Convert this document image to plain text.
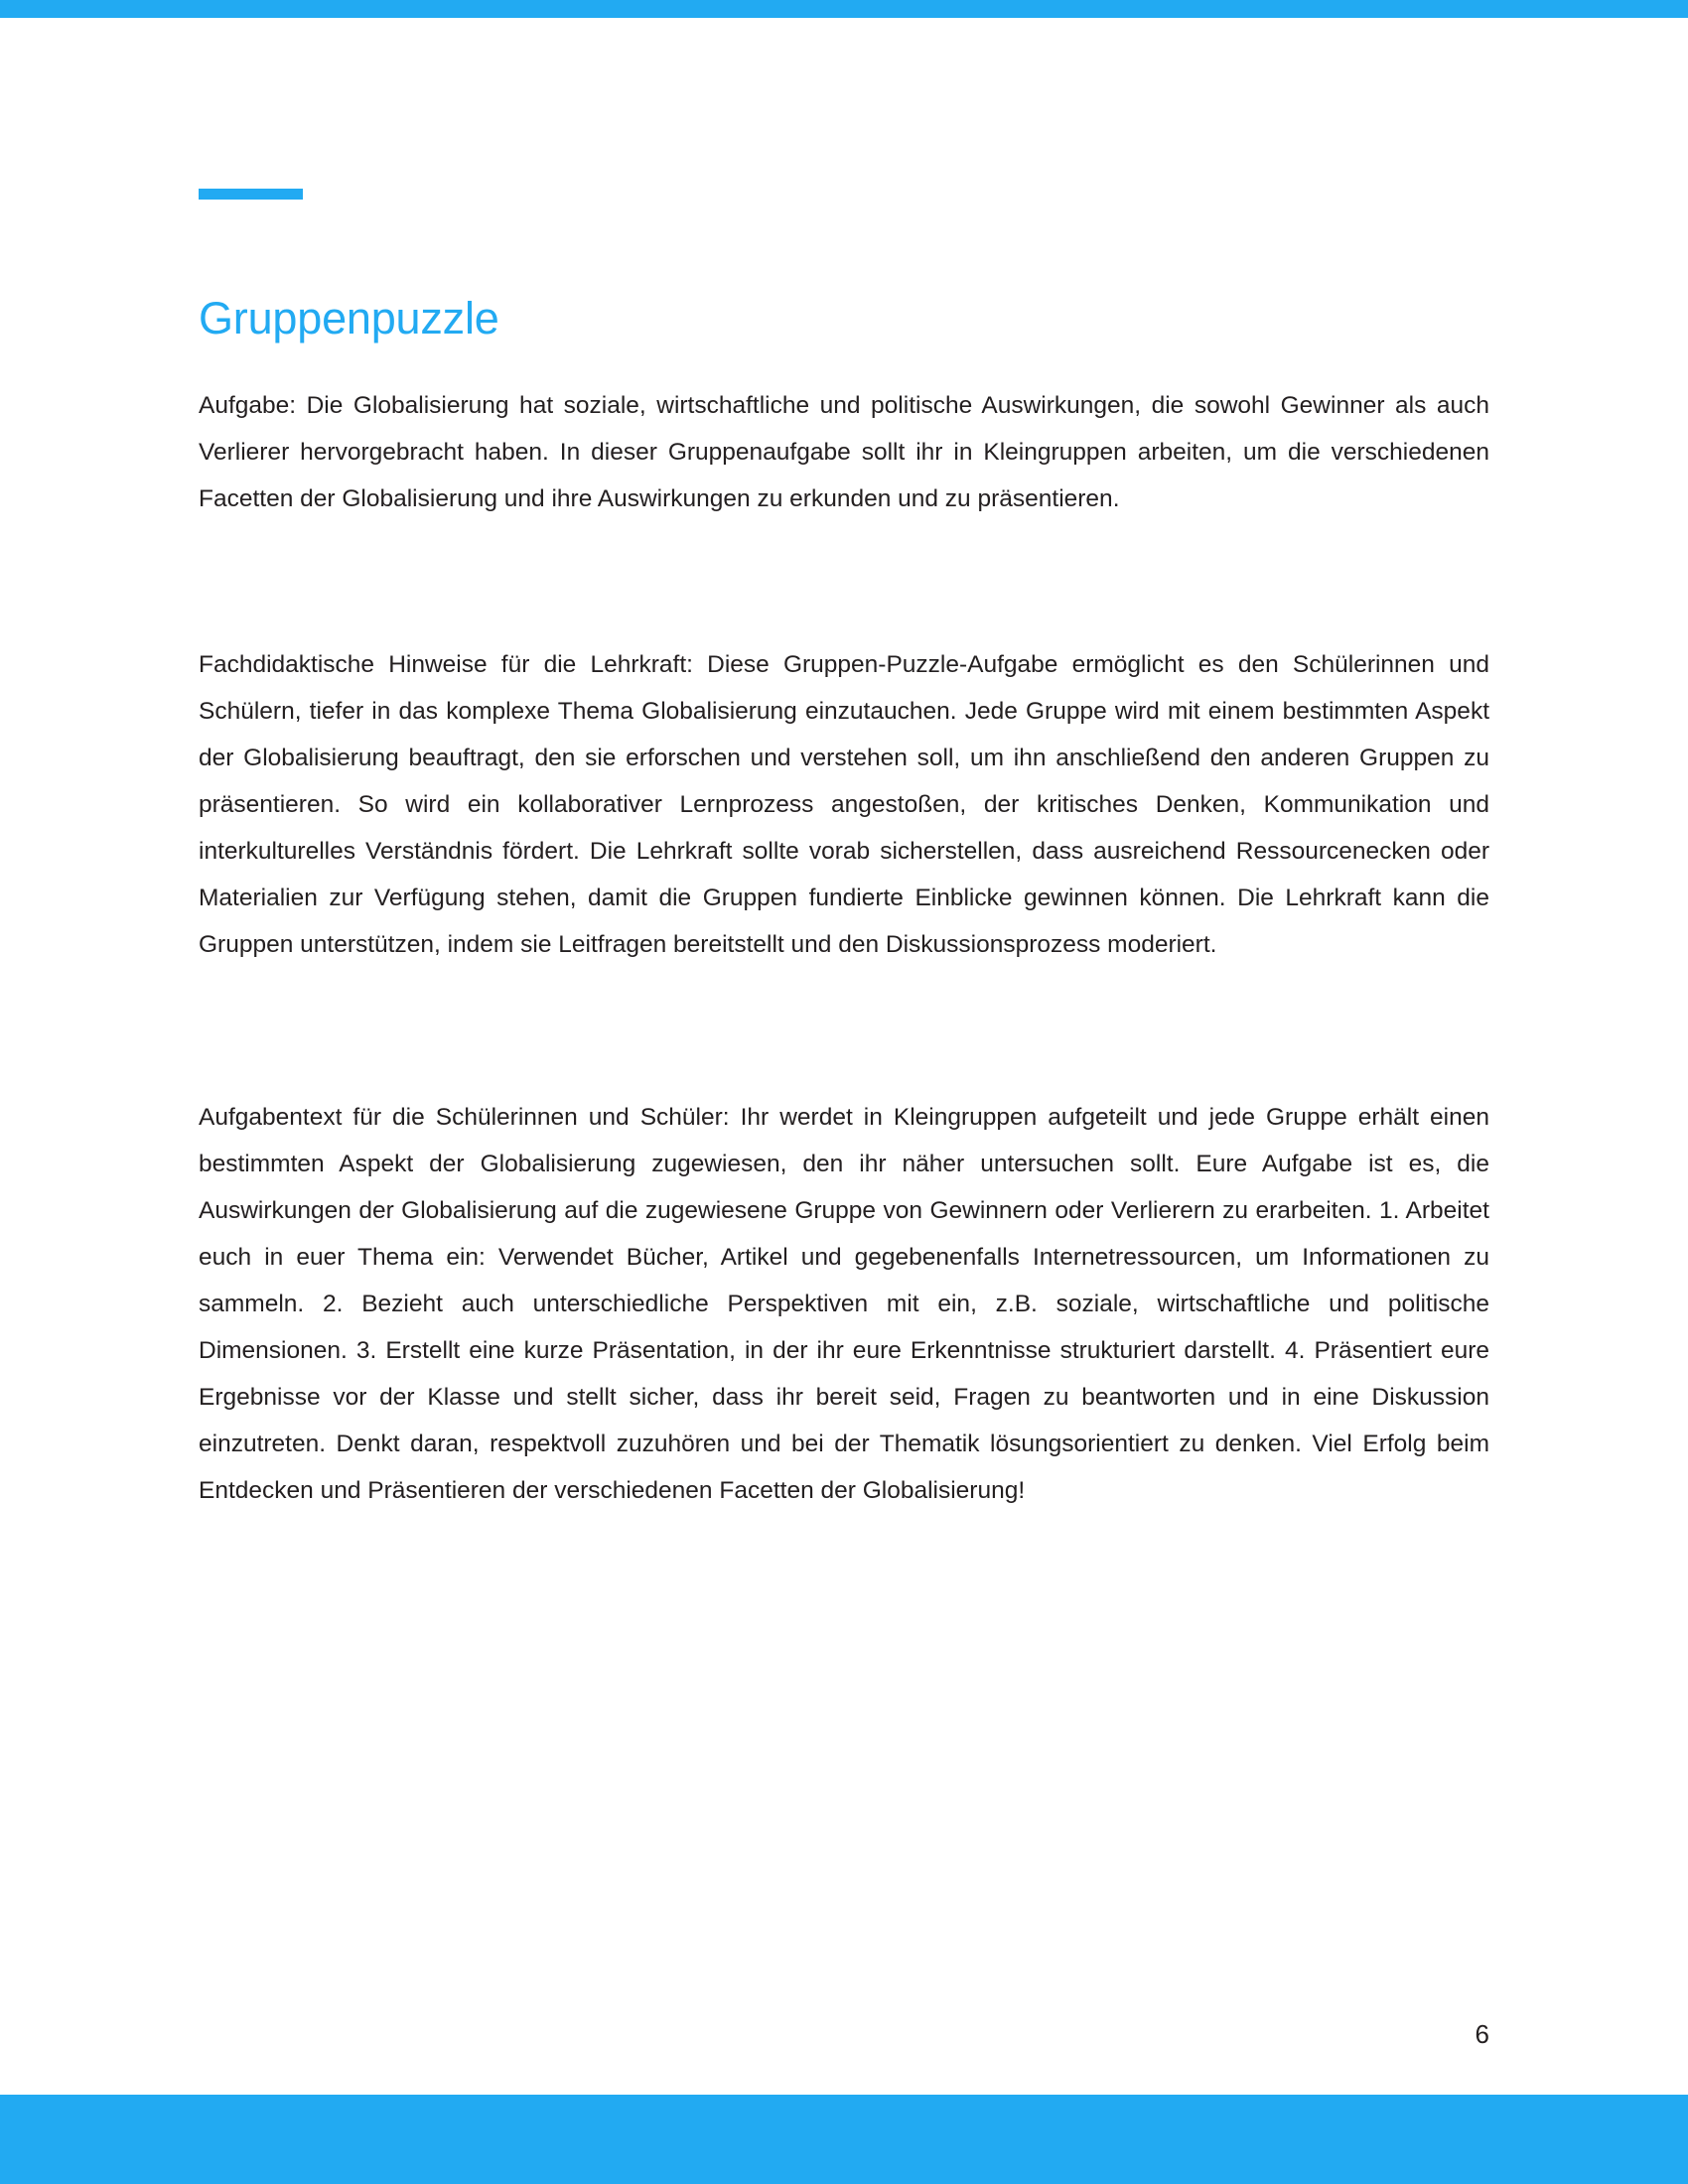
Gruppenpuzzle

Aufgabe: Die Globalisierung hat soziale, wirtschaftliche und politische Auswirkungen, die sowohl Gewinner als auch Verlierer hervorgebracht haben. In dieser Gruppenaufgabe sollt ihr in Kleingruppen arbeiten, um die verschiedenen Facetten der Globalisierung und ihre Auswirkungen zu erkunden und zu präsentieren.

Fachdidaktische Hinweise für die Lehrkraft: Diese Gruppen-Puzzle-Aufgabe ermöglicht es den Schülerinnen und Schülern, tiefer in das komplexe Thema Globalisierung einzutauchen. Jede Gruppe wird mit einem bestimmten Aspekt der Globalisierung beauftragt, den sie erforschen und verstehen soll, um ihn anschließend den anderen Gruppen zu präsentieren. So wird ein kollaborativer Lernprozess angestoßen, der kritisches Denken, Kommunikation und interkulturelles Verständnis fördert. Die Lehrkraft sollte vorab sicherstellen, dass ausreichend Ressourcenecken oder Materialien zur Verfügung stehen, damit die Gruppen fundierte Einblicke gewinnen können. Die Lehrkraft kann die Gruppen unterstützen, indem sie Leitfragen bereitstellt und den Diskussionsprozess moderiert.

Aufgabentext für die Schülerinnen und Schüler: Ihr werdet in Kleingruppen aufgeteilt und jede Gruppe erhält einen bestimmten Aspekt der Globalisierung zugewiesen, den ihr näher untersuchen sollt. Eure Aufgabe ist es, die Auswirkungen der Globalisierung auf die zugewiesene Gruppe von Gewinnern oder Verlierern zu erarbeiten. 1. Arbeitet euch in euer Thema ein: Verwendet Bücher, Artikel und gegebenenfalls Internetressourcen, um Informationen zu sammeln. 2. Bezieht auch unterschiedliche Perspektiven mit ein, z.B. soziale, wirtschaftliche und politische Dimensionen. 3. Erstellt eine kurze Präsentation, in der ihr eure Erkenntnisse strukturiert darstellt. 4. Präsentiert eure Ergebnisse vor der Klasse und stellt sicher, dass ihr bereit seid, Fragen zu beantworten und in eine Diskussion einzutreten. Denkt daran, respektvoll zuzuhören und bei der Thematik lösungsorientiert zu denken. Viel Erfolg beim Entdecken und Präsentieren der verschiedenen Facetten der Globalisierung!

6
